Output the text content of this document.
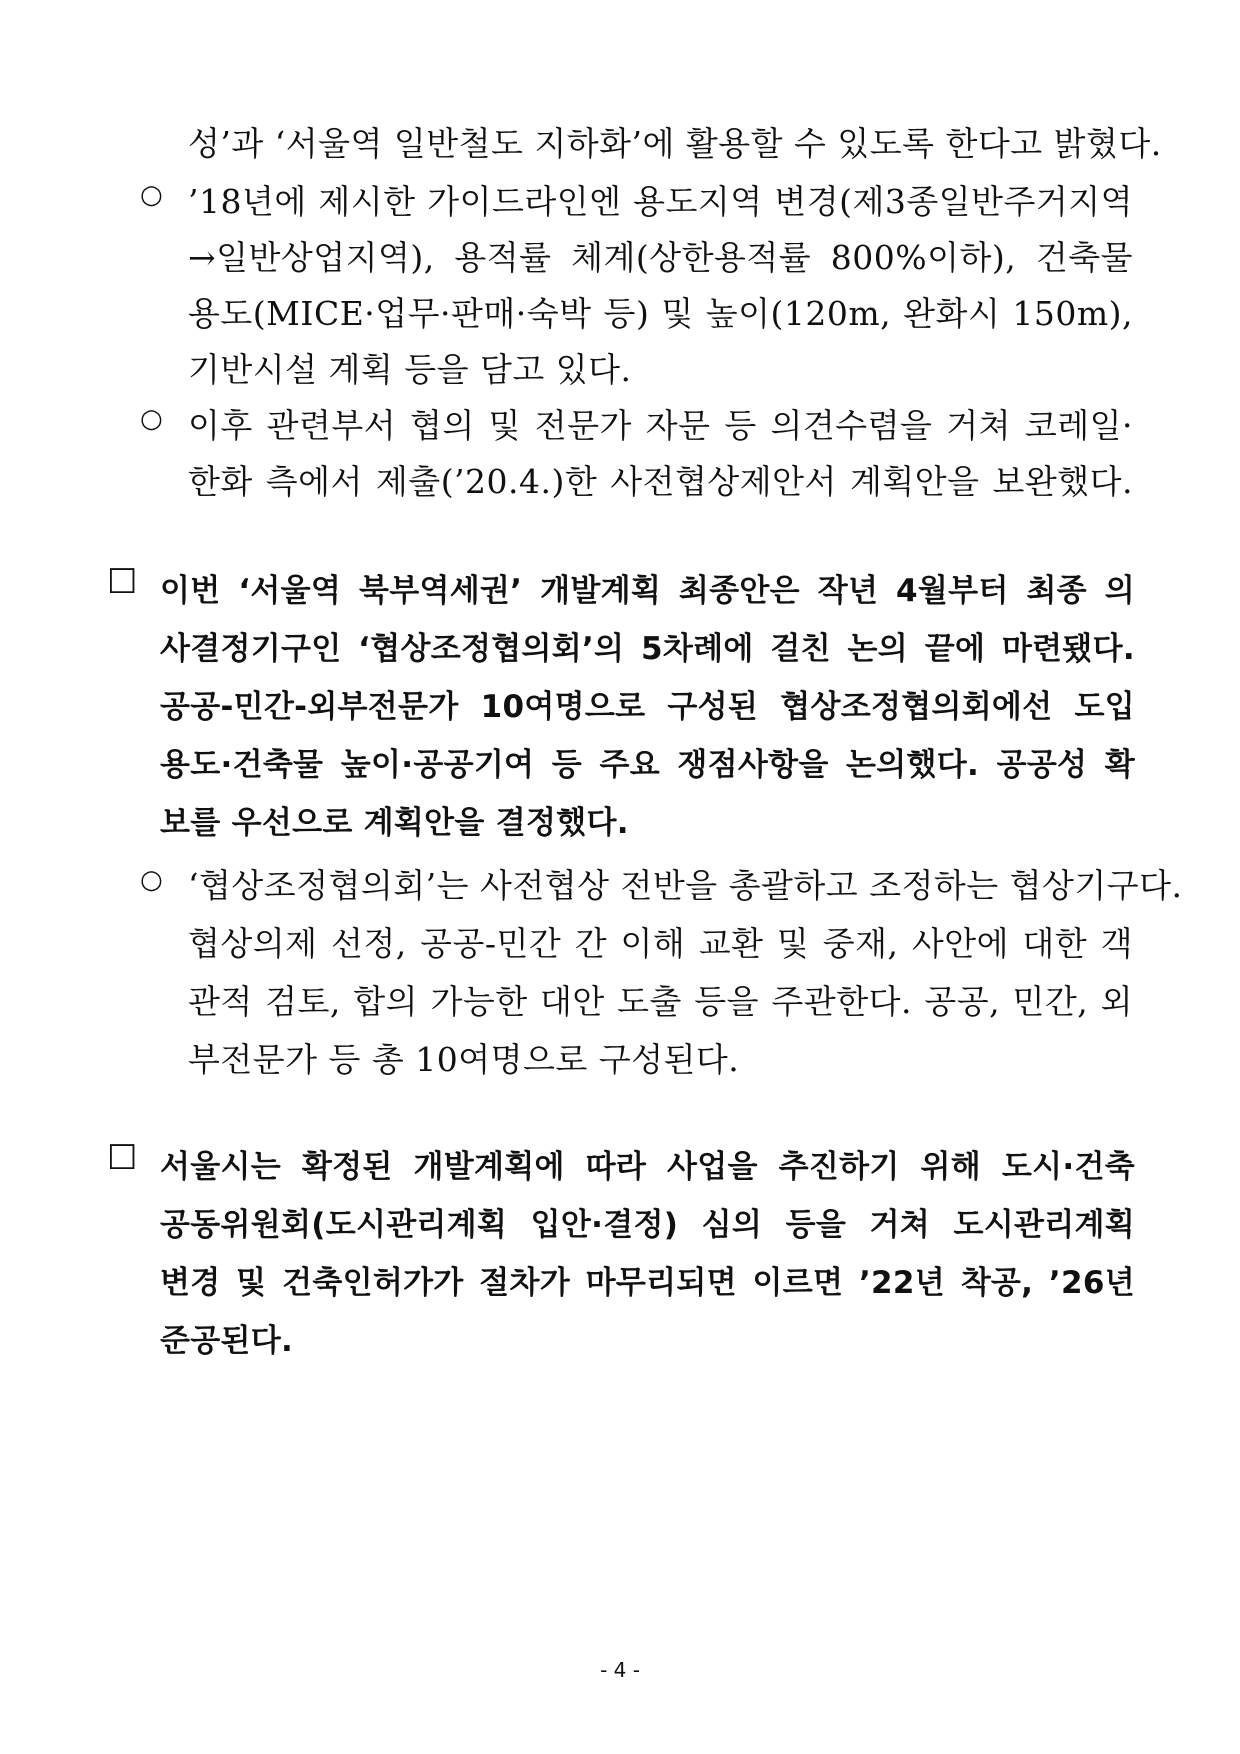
성’과 ‘서울역 일반철도 지하화’에 활용할 수 있도록 한다고 밝혔다.
○ ’18년에 제시한 가이드라인엔 용도지역 변경(제3종일반주거지역
→일반상업지역), 용적률 체계(상한용적률 800%이하), 건축물
용도(MICE·업무·판매·숙박 등) 및 높이(120m, 완화시 150m),
기반시설 계획 등을 담고 있다.
○ 이후 관련부서 협의 및 전문가 자문 등 의견수렴을 거쳐 코레일·
한화 측에서 제출(’20.4.)한 사전협상제안서 계획안을 보완했다.
☐ 이번 ‘서울역 북부역세권’ 개발계획 최종안은 작년 4월부터 최종 의
사결정기구인 ‘협상조정협의회’의 5차례에 걸친 논의 끝에 마련됐다.
공공-민간-외부전문가 10여명으로 구성된 협상조정협의회에선 도입
용도·건축물 높이·공공기여 등 주요 쟁점사항을 논의했다. 공공성 확
보를 우선으로 계획안을 결정했다.
○ ‘협상조정협의회’는 사전협상 전반을 총괄하고 조정하는 협상기구다.
협상의제 선정, 공공-민간 간 이해 교환 및 중재, 사안에 대한 객
관적 검토, 합의 가능한 대안 도출 등을 주관한다. 공공, 민간, 외
부전문가 등 총 10여명으로 구성된다.
☐ 서울시는 확정된 개발계획에 따라 사업을 추진하기 위해 도시·건축
공동위원회(도시관리계획 입안·결정) 심의 등을 거쳐 도시관리계획
변경 및 건축인허가가 절차가 마무리되면 이르면 ’22년 착공, ’26년
준공된다.
- 4 -
